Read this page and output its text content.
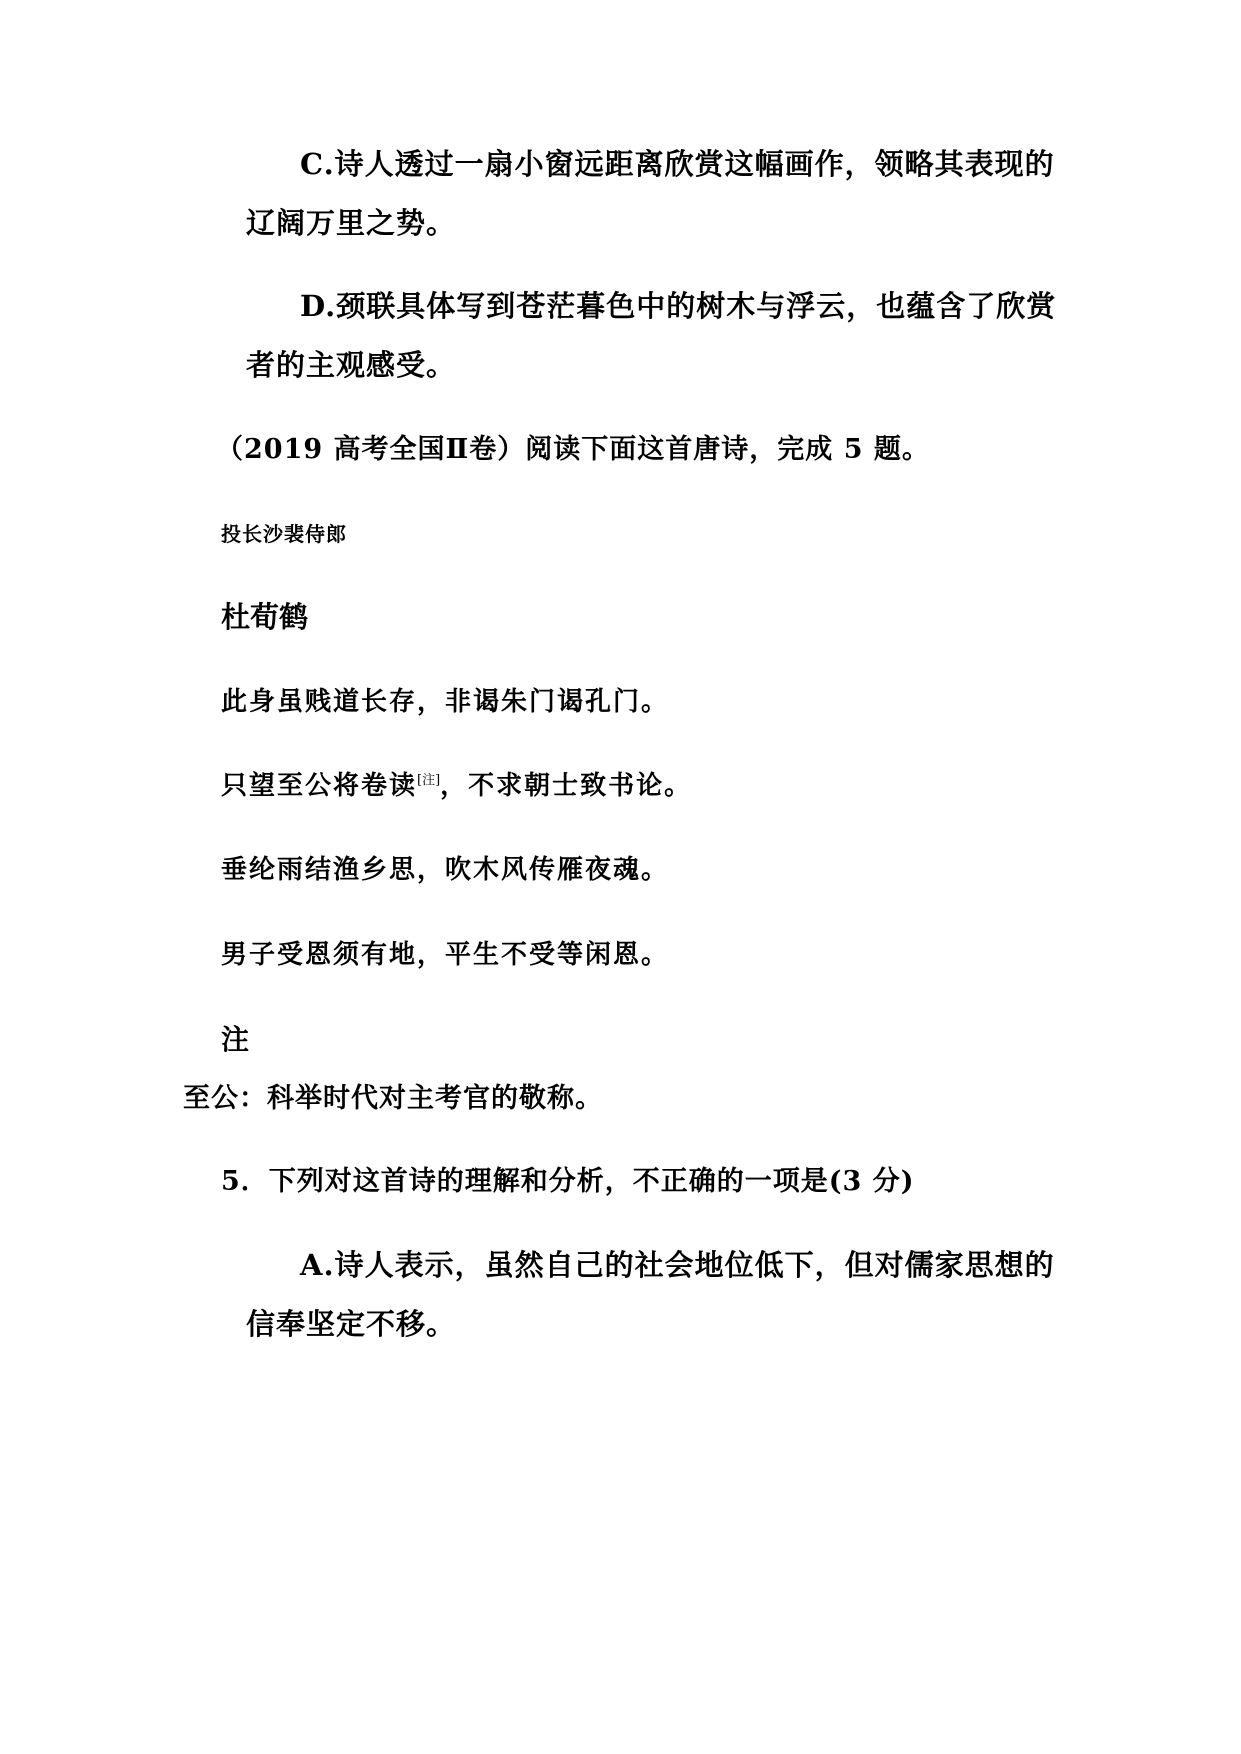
C.诗人透过一扇小窗远距离欣赏这幅画作，领略其表现的
辽阔万里之势。
D.颈联具体写到苍茫暮色中的树木与浮云，也蕴含了欣赏
者的主观感受。
（2019 高考全国Ⅱ卷）阅读下面这首唐诗，完成 5 题。
投长沙裴侍郎
杜荀鹤
此身虽贱道长存，非谒朱门谒孔门。
只望至公将卷读[注]，不求朝士致书论。
垂纶雨结渔乡思，吹木风传雁夜魂。
男子受恩须有地，平生不受等闲恩。
注
至公：科举时代对主考官的敬称。
5．下列对这首诗的理解和分析，不正确的一项是(3 分)
A.诗人表示，虽然自己的社会地位低下，但对儒家思想的
信奉坚定不移。
